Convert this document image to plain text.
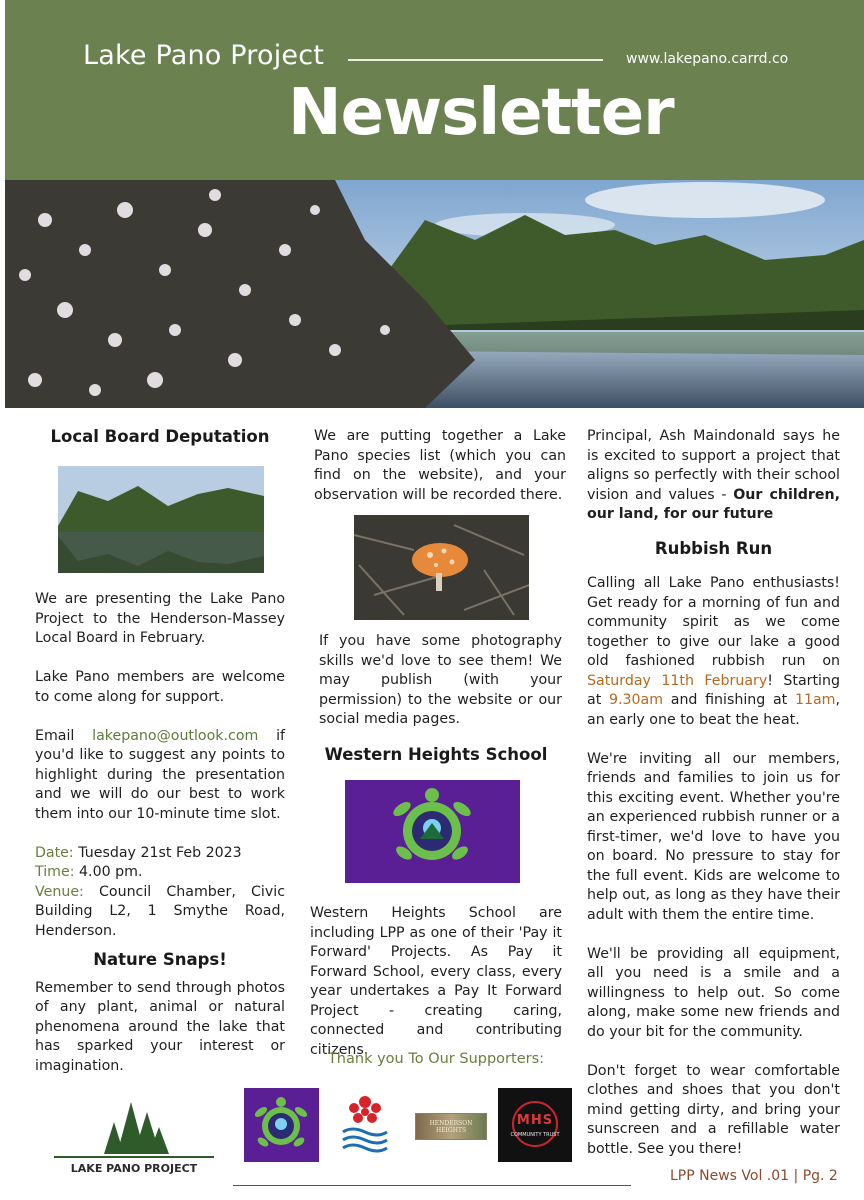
Lake Pano Project	www.lakepano.carrd.co
Newsletter
Local Board Deputation

We are presenting the Lake Pano Project to the Henderson-Massey Local Board in February.

Lake Pano members are welcome to come along for support.

Email lakepano@outlook.com if you'd like to suggest any points to highlight during the presentation and we will do our best to work them into our 10-minute time slot.

Date: Tuesday 21st Feb 2023

Time: 4.00 pm.

Venue: Council Chamber, Civic Building L2, 1 Smythe Road, Henderson.

Nature Snaps!

Remember to send through photos of any plant, animal or natural phenomena around the lake that has sparked your interest or imagination.

We are putting together a Lake Pano species list (which you can find on the website), and your observation will be recorded there.

If you have some photography skills we'd love to see them! We may publish (with your permission) to the website or our social media pages.

Western Heights School

Western Heights School are including LPP as one of their 'Pay it Forward' Projects. As Pay it Forward School, every class, every year undertakes a Pay It Forward Project - creating caring, connected and contributing citizens.

Thank you To Our Supporters:

Principal, Ash Maindonald says he is excited to support a project that aligns so perfectly with their school vision and values - Our children, our land, for our future

Rubbish Run

Calling all Lake Pano enthusiasts! Get ready for a morning of fun and community spirit as we come together to give our lake a good old fashioned rubbish run on Saturday 11th February! Starting at 9.30am and finishing at 11am, an early one to beat the heat.

We're inviting all our members, friends and families to join us for this exciting event. Whether you're an experienced rubbish runner or a first-timer, we'd love to have you on board. No pressure to stay for the full event. Kids are welcome to help out, as long as they have their adult with them the entire time.

We'll be providing all equipment, all you need is a smile and a willingness to help out. So come along, make some new friends and do your bit for the community.

Don't forget to wear comfortable clothes and shoes that you don't mind getting dirty, and bring your sunscreen and a refillable water bottle. See you there!

LAKE PANO PROJECT
HENDERSON HEIGHTS
MHS
COMMUNITY TRUST
LPP News Vol .01 | Pg. 2
